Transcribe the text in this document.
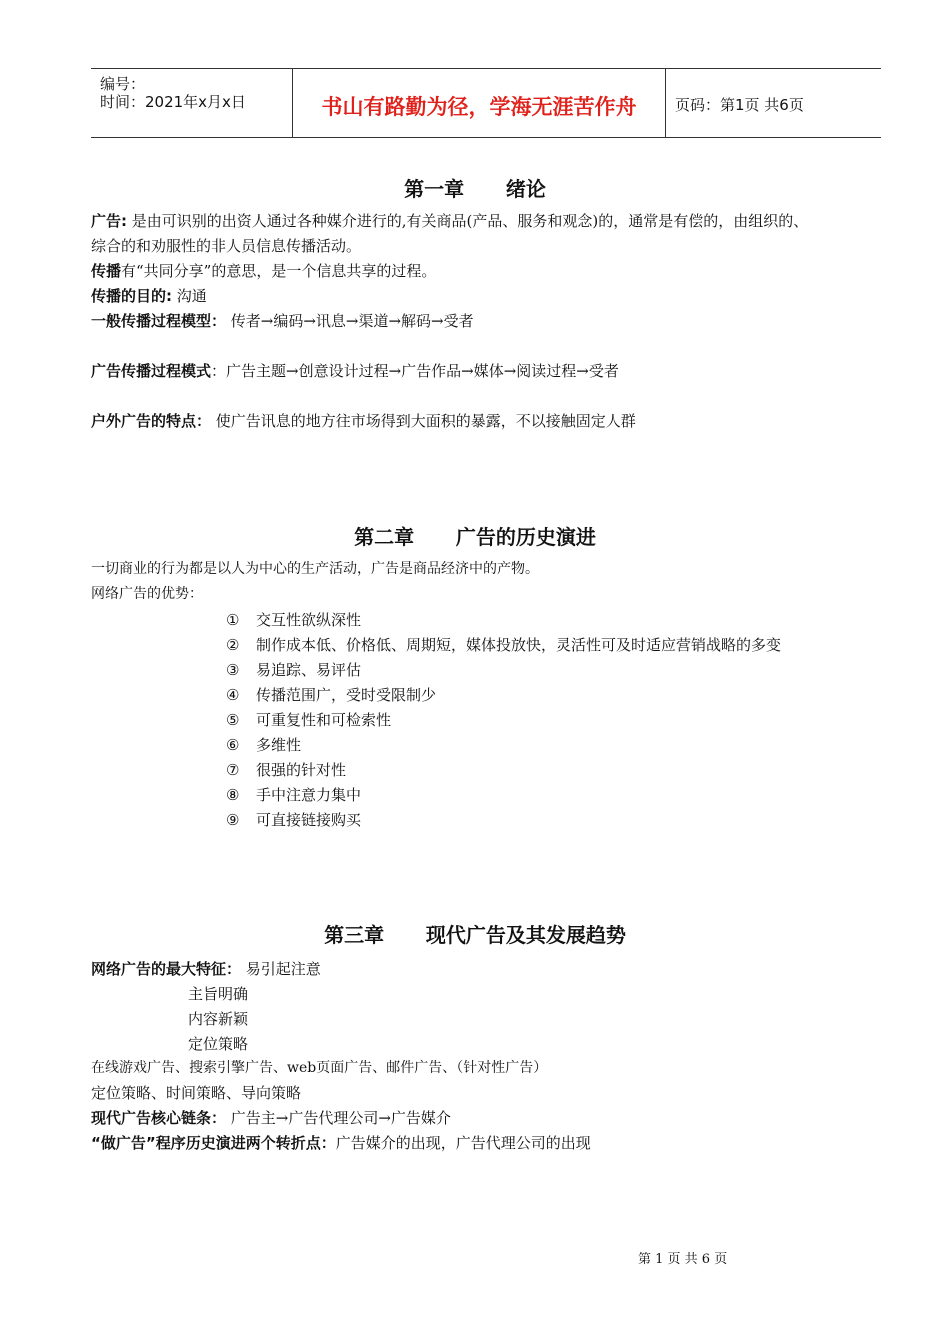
编号：
时间：2021年x月x日	书山有路勤为径，学海无涯苦作舟	页码：第1页 共6页
第一章      绪论
广告: 是由可识别的出资人通过各种媒介进行的,有关商品(产品、服务和观念)的，通常是有偿的，由组织的、
综合的和劝服性的非人员信息传播活动。
传播有“共同分享”的意思，是一个信息共享的过程。
传播的目的: 沟通
一般传播过程模型： 传者→编码→讯息→渠道→解码→受者
广告传播过程模式：广告主题→创意设计过程→广告作品→媒体→阅读过程→受者
户外广告的特点： 使广告讯息的地方往市场得到大面积的暴露，不以接触固定人群
第二章      广告的历史演进
一切商业的行为都是以人为中心的生产活动，广告是商品经济中的产物。
网络广告的优势：
① 交互性欲纵深性
② 制作成本低、价格低、周期短，媒体投放快，灵活性可及时适应营销战略的多变
③ 易追踪、易评估
④ 传播范围广，受时受限制少
⑤ 可重复性和可检索性
⑥ 多维性
⑦ 很强的针对性
⑧ 手中注意力集中
⑨ 可直接链接购买
第三章      现代广告及其发展趋势
网络广告的最大特征： 易引起注意
主旨明确
内容新颖
定位策略
在线游戏广告、搜索引擎广告、web页面广告、邮件广告、（针对性广告）
定位策略、时间策略、导向策略
现代广告核心链条： 广告主→广告代理公司→广告媒介
“做广告”程序历史演进两个转折点：广告媒介的出现，广告代理公司的出现
第 1 页 共 6 页
